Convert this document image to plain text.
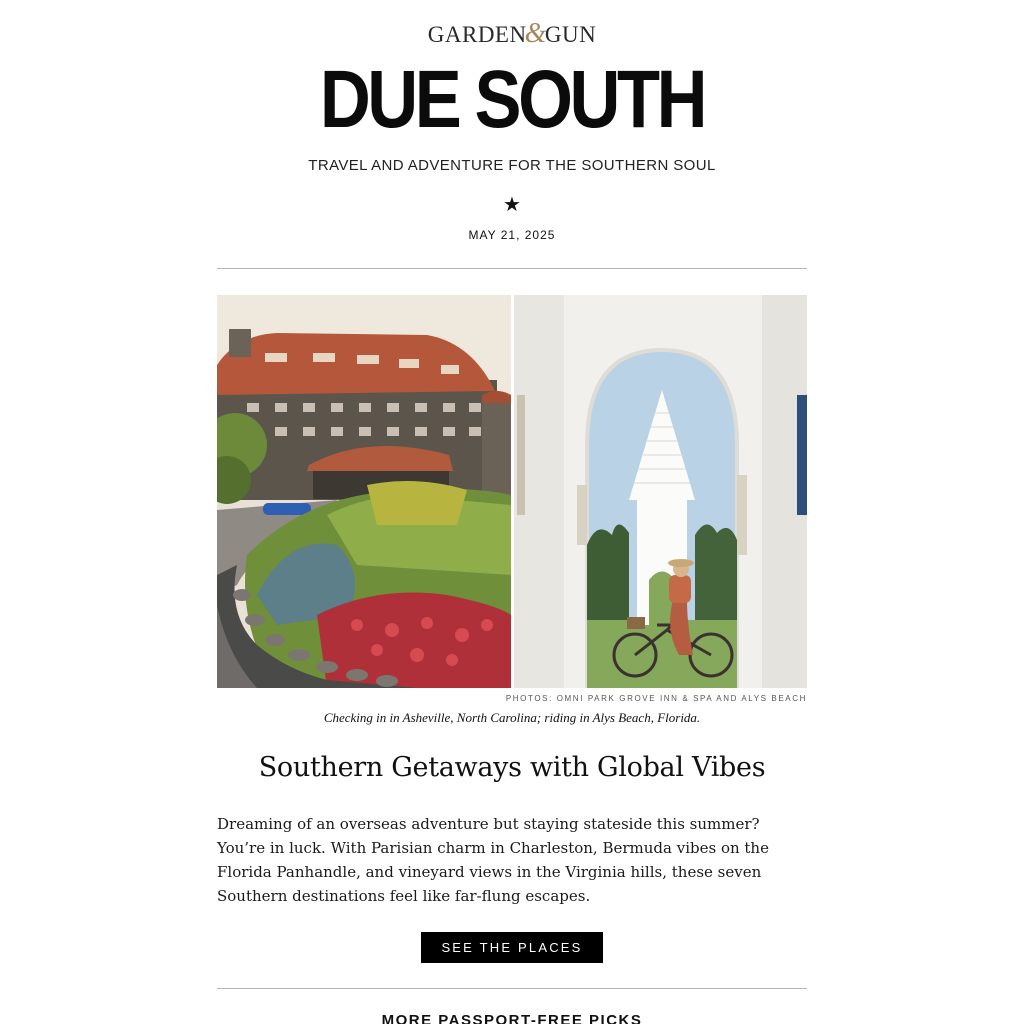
GARDEN&GUN
DUE SOUTH
TRAVEL AND ADVENTURE FOR THE SOUTHERN SOUL
★
MAY 21, 2025
PHOTOS: OMNI PARK GROVE INN & SPA AND ALYS BEACH
Checking in in Asheville, North Carolina; riding in Alys Beach, Florida.
Southern Getaways with Global Vibes

Dreaming of an overseas adventure but staying stateside this summer? You’re in luck. With Parisian charm in Charleston, Bermuda vibes on the Florida Panhandle, and vineyard views in the Virginia hills, these seven Southern destinations feel like far-flung escapes.

SEE THE PLACES
MORE PASSPORT-FREE PICKS
